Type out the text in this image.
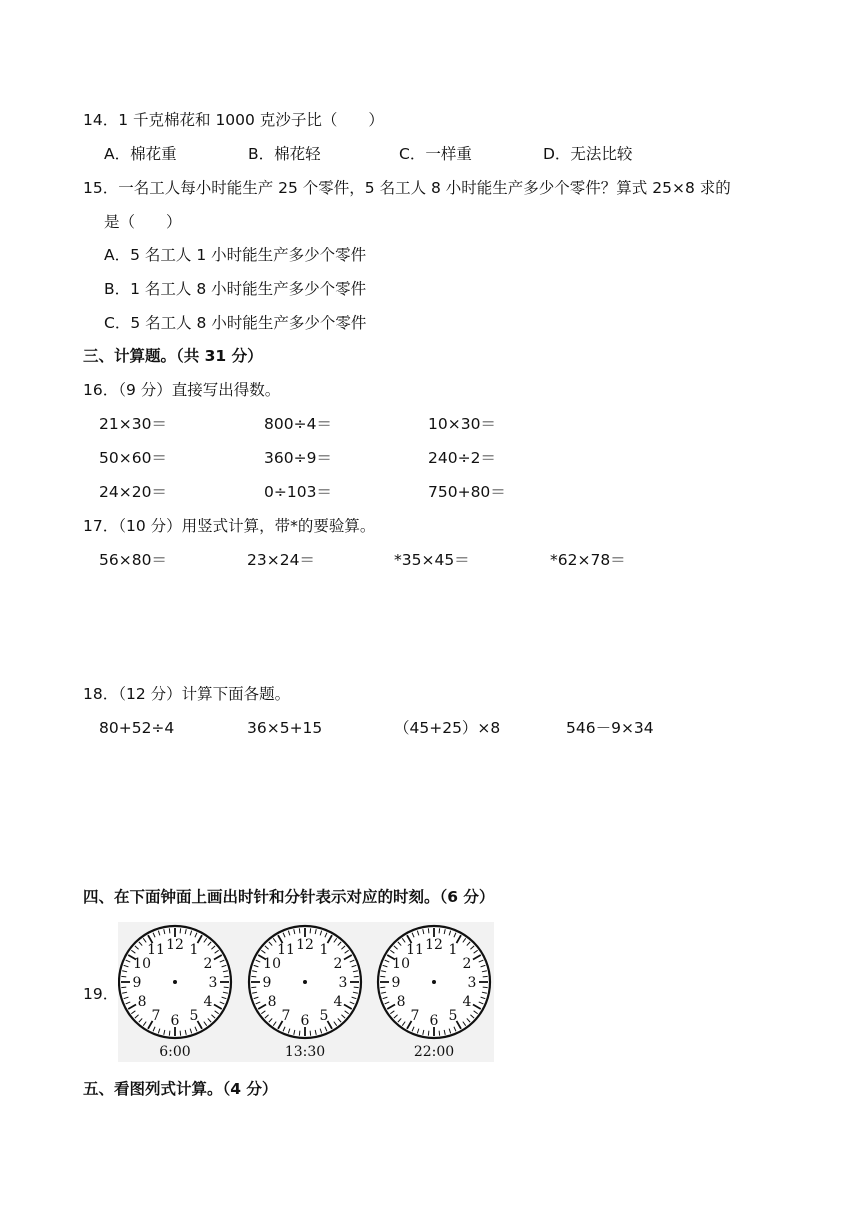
14．1 千克棉花和 1000 克沙子比（　　）
A．棉花重	B．棉花轻	C．一样重	D．无法比较
15．一名工人每小时能生产 25 个零件，5 名工人 8 小时能生产多少个零件？算式 25×8 求的
是（　　）
A．5 名工人 1 小时能生产多少个零件
B．1 名工人 8 小时能生产多少个零件
C．5 名工人 8 小时能生产多少个零件
三、计算题。（共 31 分）
16．（9 分）直接写出得数。
21×30＝	800÷4＝	10×30＝
50×60＝	360÷9＝	240÷2＝
24×20＝	0÷103＝	750+80＝
17．（10 分）用竖式计算，带*的要验算。
56×80＝	23×24＝	*35×45＝	*62×78＝
18．（12 分）计算下面各题。
80+52÷4	36×5+15	（45+25）×8	546－9×34
四、在下面钟面上画出时针和分针表示对应的时刻。（6 分）
19．
12 1
2
3
4
5
6
7
8
9
10
11	12 1
2
3
4
5
6
7
8
9
10
11	12 1
2
3
4
5
6
7
8
9
10
11
6:00	13:30	22:00
五、看图列式计算。（4 分）
